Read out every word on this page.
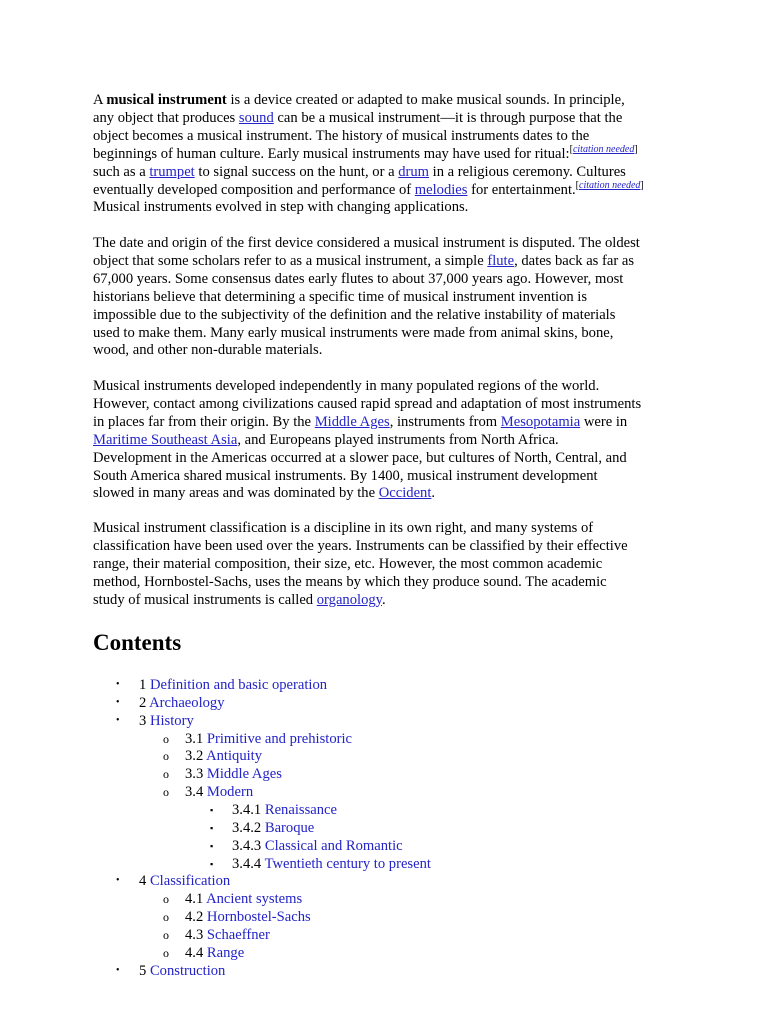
A musical instrument is a device created or adapted to make musical sounds. In principle,
any object that produces sound can be a musical instrument—it is through purpose that the
object becomes a musical instrument. The history of musical instruments dates to the
beginnings of human culture. Early musical instruments may have used for ritual:[citation needed]
such as a trumpet to signal success on the hunt, or a drum in a religious ceremony. Cultures
eventually developed composition and performance of melodies for entertainment.[citation needed]
Musical instruments evolved in step with changing applications.

The date and origin of the first device considered a musical instrument is disputed. The oldest
object that some scholars refer to as a musical instrument, a simple flute, dates back as far as
67,000 years. Some consensus dates early flutes to about 37,000 years ago. However, most
historians believe that determining a specific time of musical instrument invention is
impossible due to the subjectivity of the definition and the relative instability of materials
used to make them. Many early musical instruments were made from animal skins, bone,
wood, and other non-durable materials.

Musical instruments developed independently in many populated regions of the world.
However, contact among civilizations caused rapid spread and adaptation of most instruments
in places far from their origin. By the Middle Ages, instruments from Mesopotamia were in
Maritime Southeast Asia, and Europeans played instruments from North Africa.
Development in the Americas occurred at a slower pace, but cultures of North, Central, and
South America shared musical instruments. By 1400, musical instrument development
slowed in many areas and was dominated by the Occident.

Musical instrument classification is a discipline in its own right, and many systems of
classification have been used over the years. Instruments can be classified by their effective
range, their material composition, their size, etc. However, the most common academic
method, Hornbostel-Sachs, uses the means by which they produce sound. The academic
study of musical instruments is called organology.

Contents
• 1 Definition and basic operation
• 2 Archaeology
• 3 History
o 3.1 Primitive and prehistoric
o 3.2 Antiquity
o 3.3 Middle Ages
o 3.4 Modern
▪ 3.4.1 Renaissance
▪ 3.4.2 Baroque
▪ 3.4.3 Classical and Romantic
▪ 3.4.4 Twentieth century to present
• 4 Classification
o 4.1 Ancient systems
o 4.2 Hornbostel-Sachs
o 4.3 Schaeffner
o 4.4 Range
• 5 Construction
